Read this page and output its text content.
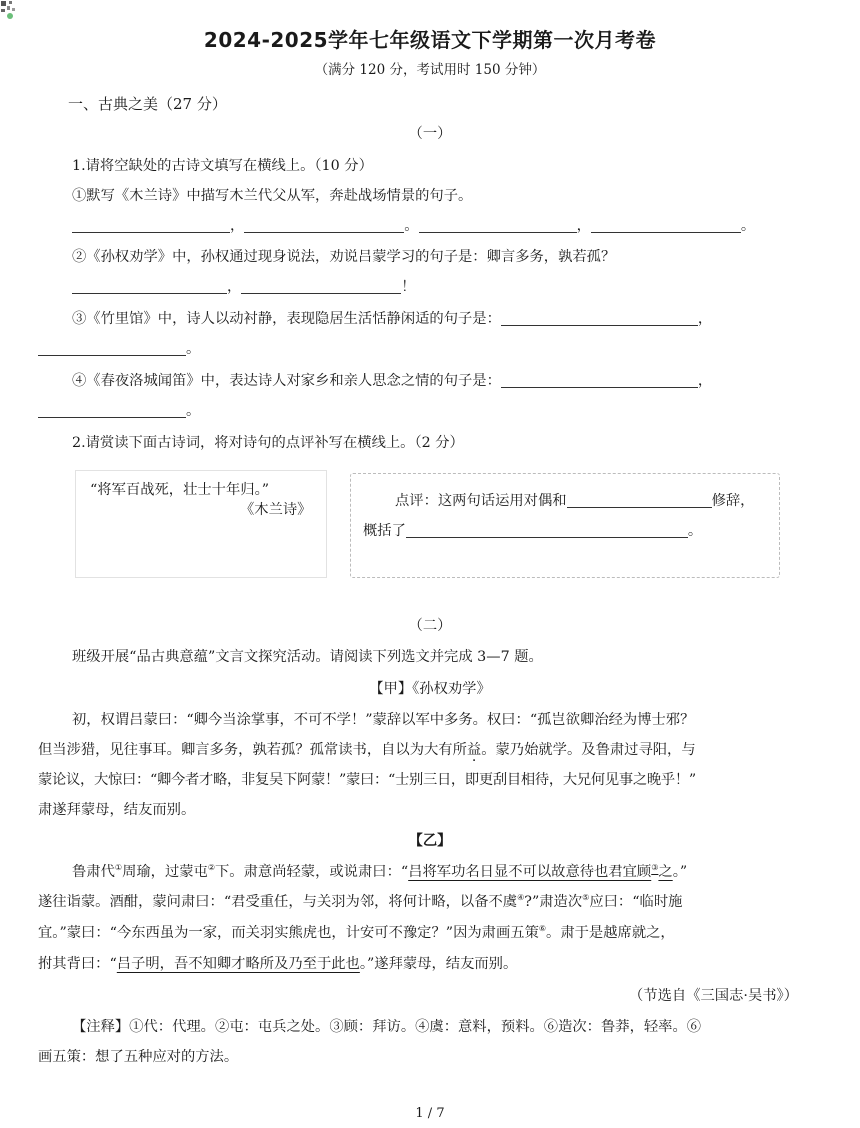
2024-2025学年七年级语文下学期第一次月考卷
（满分 120 分，考试用时 150 分钟）
一、古典之美（27 分）
（一）
1.请将空缺处的古诗文填写在横线上。（10 分）
①默写《木兰诗》中描写木兰代父从军，奔赴战场情景的句子。
，	。	，	。
②《孙权劝学》中，孙权通过现身说法，劝说吕蒙学习的句子是：卿言多务，孰若孤？
，	！
③《竹里馆》中，诗人以动衬静，表现隐居生活恬静闲适的句子是：	，
。
④《春夜洛城闻笛》中，表达诗人对家乡和亲人思念之情的句子是：	，
。
2.请赏读下面古诗词，将对诗句的点评补写在横线上。（2 分）
“将军百战死，壮士十年归。”
《木兰诗》
点评：这两句话运用对偶和	修辞，
概括了	。
（二）
班级开展“品古典意蕴”文言文探究活动。请阅读下列选文并完成 3—7 题。
【甲】《孙权劝学》
初，权谓吕蒙曰：“卿今当涂掌事，不可不学！”蒙辞以军中多务。权曰：“孤岂欲卿治经为博士邪？
但当涉猎，见往事耳。卿言多务，孰若孤？孤常读书，自以为大有所益。蒙乃始就学。及鲁肃过寻阳，与
蒙论议，大惊曰：“卿今者才略，非复吴下阿蒙！”蒙曰：“士别三日，即更刮目相待，大兄何见事之晚乎！”
肃遂拜蒙母，结友而别。
【乙】
鲁肃代①周瑜，过蒙屯②下。肃意尚轻蒙，或说肃曰：“吕将军功名日显不可以故意待也君宜顾③之。”
遂往诣蒙。酒酣，蒙问肃曰：“君受重任，与关羽为邻，将何计略，以备不虞④?”肃造次⑤应曰：“临时施
宜。”蒙曰：“今东西虽为一家，而关羽实熊虎也，计安可不豫定？”因为肃画五策⑥。肃于是越席就之，
拊其背曰：“吕子明，吾不知卿才略所及乃至于此也。”遂拜蒙母，结友而别。
（节选自《三国志·吴书》）
【注释】①代：代理。②屯：屯兵之处。③顾：拜访。④虞：意料，预料。⑥造次：鲁莽，轻率。⑥
画五策：想了五种应对的方法。
1 / 7
